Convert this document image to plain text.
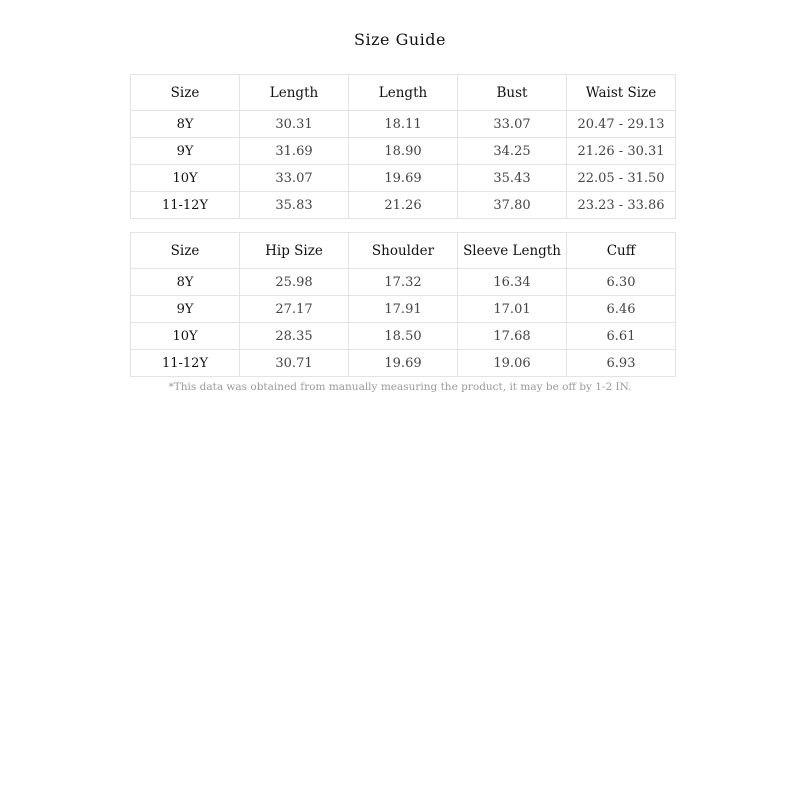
Size Guide
Size	Length	Length	Bust	Waist Size
8Y	30.31	18.11	33.07	20.47 - 29.13
9Y	31.69	18.90	34.25	21.26 - 30.31
10Y	33.07	19.69	35.43	22.05 - 31.50
11-12Y	35.83	21.26	37.80	23.23 - 33.86
Size	Hip Size	Shoulder	Sleeve Length	Cuff
8Y	25.98	17.32	16.34	6.30
9Y	27.17	17.91	17.01	6.46
10Y	28.35	18.50	17.68	6.61
11-12Y	30.71	19.69	19.06	6.93
*This data was obtained from manually measuring the product, it may be off by 1-2 IN.
